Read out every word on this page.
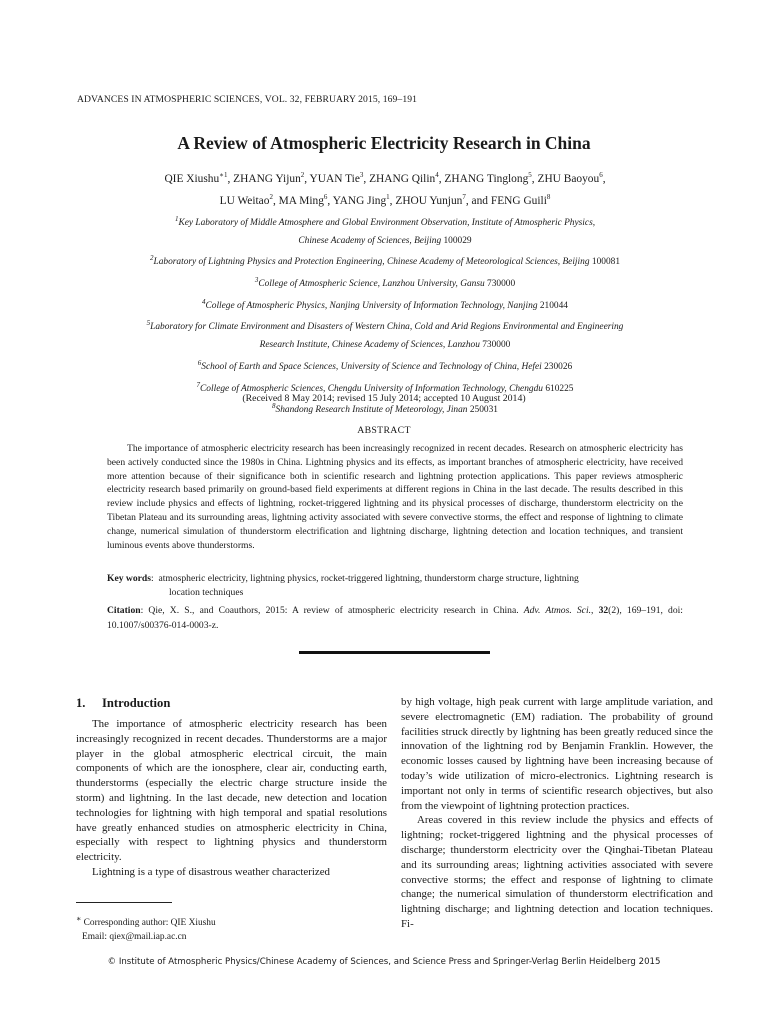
ADVANCES IN ATMOSPHERIC SCIENCES, VOL. 32, FEBRUARY 2015, 169–191
A Review of Atmospheric Electricity Research in China
QIE Xiushu$^{∗1}$, ZHANG Yijun$^2$, YUAN Tie$^3$, ZHANG Qilin$^4$, ZHANG Tinglong$^5$, ZHU Baoyou$^6$,
LU Weitao$^2$, MA Ming$^6$, YANG Jing$^1$, ZHOU Yunjun$^7$, and FENG Guili$^8$
$^1$Key Laboratory of Middle Atmosphere and Global Environment Observation, Institute of Atmospheric Physics,
Chinese Academy of Sciences, Beijing 100029
$^2$Laboratory of Lightning Physics and Protection Engineering, Chinese Academy of Meteorological Sciences, Beijing 100081
$^3$College of Atmospheric Science, Lanzhou University, Gansu 730000
$^4$College of Atmospheric Physics, Nanjing University of Information Technology, Nanjing 210044
$^5$Laboratory for Climate Environment and Disasters of Western China, Cold and Arid Regions Environmental and Engineering
Research Institute, Chinese Academy of Sciences, Lanzhou 730000
$^6$School of Earth and Space Sciences, University of Science and Technology of China, Hefei 230026
$^7$College of Atmospheric Sciences, Chengdu University of Information Technology, Chengdu 610225
$^8$Shandong Research Institute of Meteorology, Jinan 250031
(Received 8 May 2014; revised 15 July 2014; accepted 10 August 2014)
ABSTRACT
The importance of atmospheric electricity research has been increasingly recognized in recent decades. Research on atmospheric electricity has been actively conducted since the 1980s in China. Lightning physics and its effects, as important branches of atmospheric electricity, have received more attention because of their significance both in scientific research and lightning protection applications. This paper reviews atmospheric electricity research based primarily on ground-based field experiments at different regions in China in the last decade. The results described in this review include physics and effects of lightning, rocket-triggered lightning and its physical processes of discharge, thunderstorm electricity on the Tibetan Plateau and its surrounding areas, lightning activity associated with severe convective storms, the effect and response of lightning to climate change, numerical simulation of thunderstorm electrification and lightning discharge, lightning detection and location techniques, and transient luminous events above thunderstorms.
Key words:  atmospheric electricity, lightning physics, rocket-triggered lightning, thunderstorm charge structure, lightning
location techniques
Citation: Qie, X. S., and Coauthors, 2015: A review of atmospheric electricity research in China. Adv. Atmos. Sci., 32(2), 169–191, doi: 10.1007/s00376-014-0003-z.
1. Introduction

The importance of atmospheric electricity research has been increasingly recognized in recent decades. Thunderstorms are a major player in the global atmospheric electrical circuit, the main components of which are the ionosphere, clear air, conducting earth, thunderstorms (especially the electric charge structure inside the storm) and lightning. In the last decade, new detection and location technologies for lightning with high temporal and spatial resolutions have greatly enhanced studies on atmospheric electricity in China, especially with respect to lightning physics and thunderstorm electricity.

Lightning is a type of disastrous weather characterized

by high voltage, high peak current with large amplitude variation, and severe electromagnetic (EM) radiation. The probability of ground facilities struck directly by lightning has been greatly reduced since the innovation of the lightning rod by Benjamin Franklin. However, the economic losses caused by lightning have been increasing because of today’s wide utilization of micro-electronics. Lightning research is important not only in terms of scientific research objectives, but also from the viewpoint of lightning protection practices.

Areas covered in this review include the physics and effects of lightning; rocket-triggered lightning and the physical processes of discharge; thunderstorm electricity over the Qinghai-Tibetan Plateau and its surrounding areas; lightning activities associated with severe convective storms; the effect and response of lightning to climate change; the numerical simulation of thunderstorm electrification and lightning discharge; and lightning detection and location techniques. Fi-

∗ Corresponding author: QIE Xiushu
Email: qiex@mail.iap.ac.cn
© Institute of Atmospheric Physics/Chinese Academy of Sciences, and Science Press and Springer-Verlag Berlin Heidelberg 2015
